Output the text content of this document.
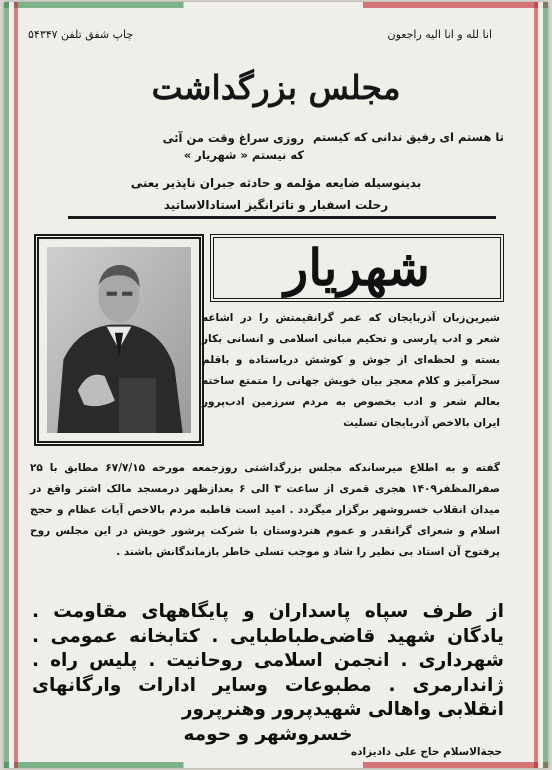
چاپ شفق تلفن ۵۴۳۴۷	انا لله و انا الیه راجعون
مجلس بزرگداشت
تا هستم ای رفیق ندانی که کیستم
روزی سراغ وقت من آئی که نیستم « شهریار »
بدینوسیله ضایعه مؤلمه و حادثه جبران ناپذیر یعنی
رحلت اسفبار و تاثرانگیز استادالاساتید
شهریار
شیرین‌زبان آذربایجان که عمر گرانقیمتش را در اشاعه شعر و ادب پارسی و تحکیم مبانی اسلامی و انسانی بکار بسته و لحظه‌ای از جوش و کوشش دریاستاده و باقلم سحرآمیز و کلام معجز بیان خویش جهانی را متمتع ساخته بعالم شعر و ادب بخصوص به مردم سرزمین ادب‌پرور ایران بالاخص آذربایجان تسلیت
گفته و به اطلاع میرساندکه مجلس بزرگداشتی روزجمعه مورخه ۶۷/۷/۱۵ مطابق با ۲۵ صفرالمظفر۱۴۰۹ هجری قمری از ساعت ۳ الی ۶ بعدازظهر درمسجد مالک اشتر واقع در میدان انقلاب خسروشهر برگزار میگردد . امید است قاطبه مردم بالاخص آیات عظام و حجج اسلام و شعرای گرانقدر و عموم هنردوستان با شرکت پرشور خویش در این مجلس روح پرفتوح آن استاد بی نظیر را شاد و موجب تسلی خاطر بازماندگانش باشند .
از طرف سپاه پاسداران و پایگاههای مقاومت . یادگان شهید قاضی‌طباطبایی . کتابخانه عمومی . شهرداری . انجمن اسلامی روحانیت . پلیس راه . ژاندارمری . مطبوعات وسایر ادارات وارگانهای انقلابی واهالی شهیدپرور وهنرپرور
خسروشهر و حومه
حجةالاسلام حاج علی دادیزاده
